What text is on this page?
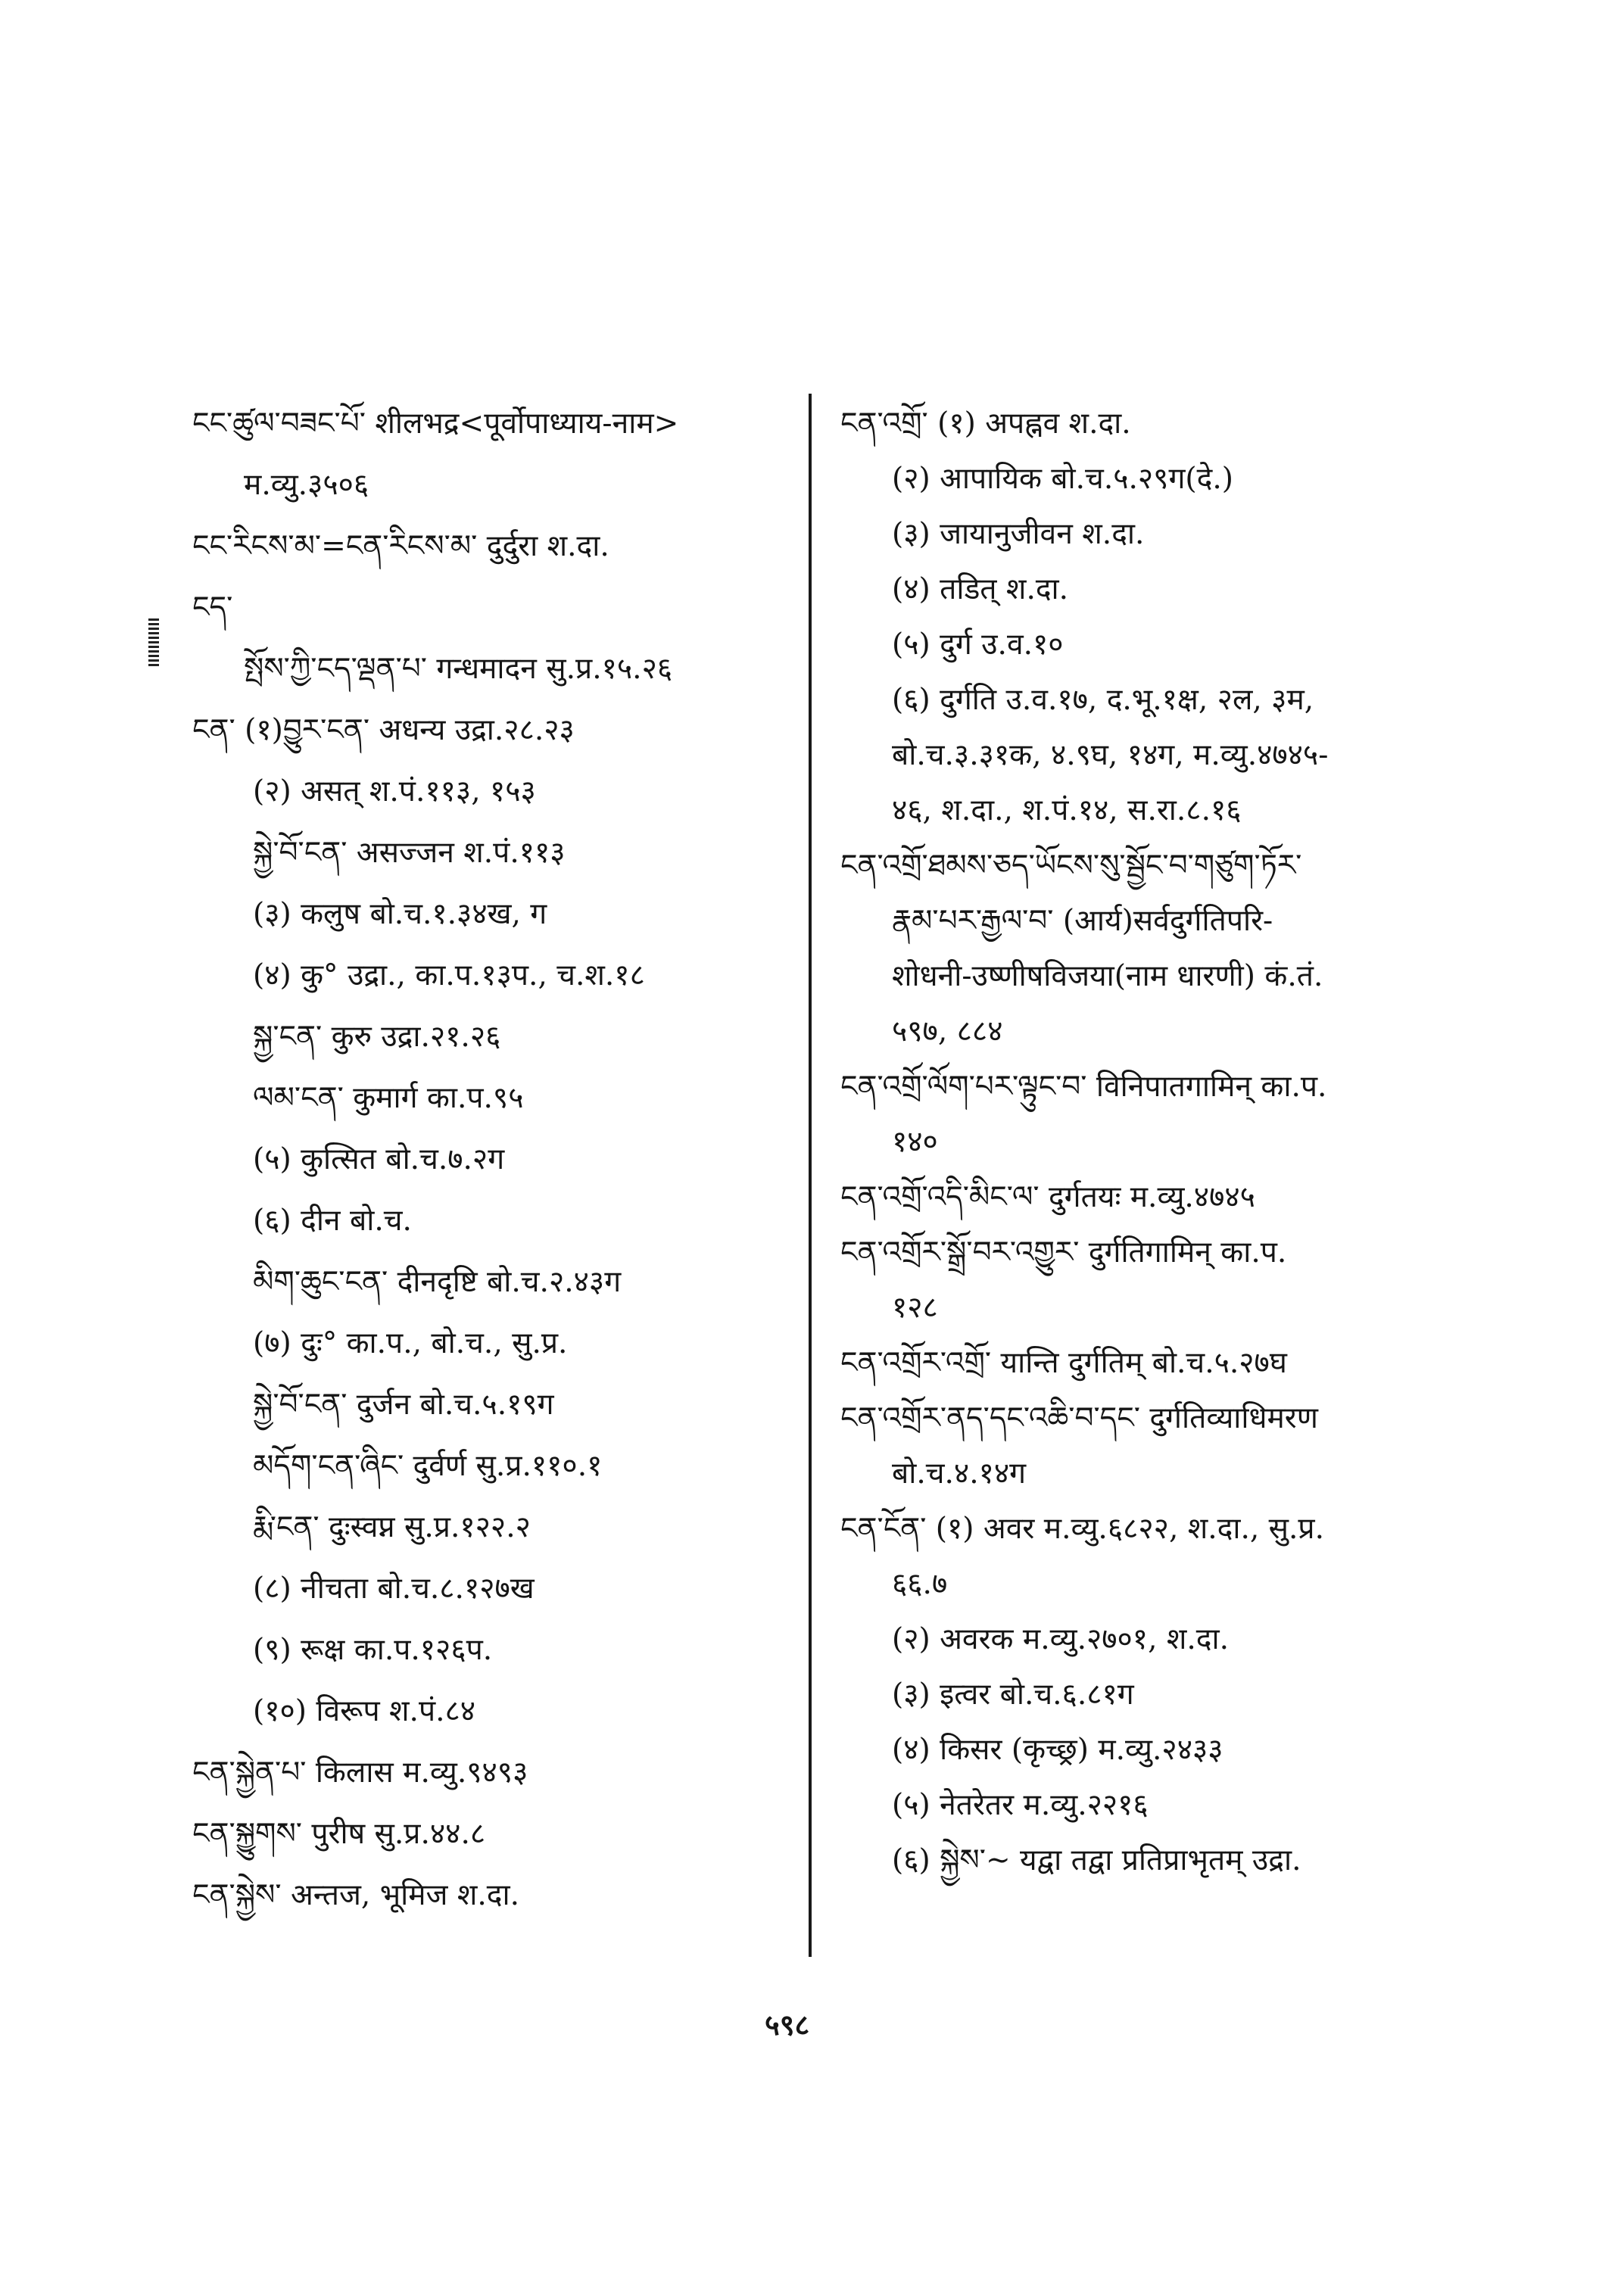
ངང་ཚུལ་བཟང་པོ་ शीलभद्र<पूर्वोपाध्याय-नाम>
म.व्यु.३५०६
ངང་རིངས་མ་=ངན་རིངས་མ་ दुर्दुरा श.दा.
ངད་
སྤོས་ཀྱི་ངད་ལྡན་པ་ गन्धमादन सु.प्र.१५.२६
ངན་ (१)བྱུར་ངན་ अधन्य उद्रा.२८.२३
(२) असत् श.पं.११३, १५३
སྐྱེ་བོ་ངན་ असज्जन श.पं.११३
(३) कलुष बो.च.१.३४ख, ग
(४) कु° उद्रा., का.प.१३प., च.श.१८
སྐྱ་ངན་ कुरु उद्रा.२१.२६
ལམ་ངན་ कुमार्ग का.प.९५
(५) कुत्सित बो.च.७.२ग
(६) दीन बो.च.
མིག་ཆུང་ངན་ दीनदृष्टि बो.च.२.४३ग
(७) दुः° का.प., बो.च., सु.प्र.
སྐྱེ་བོ་ངན་ दुर्जन बो.च.५.१९ग
མདོག་ངན་ཞིང་ दुर्वर्ण सु.प्र.११०.१
རྨི་ངན་ दुःस्वप्न सु.प्र.१२२.२
(८) नीचता बो.च.८.१२७ख
(९) रूक्ष का.प.१२६प.
(१०) विरूप श.पं.८४
ངན་སྐྱེན་པ་ किलास म.व्यु.९४९३
ངན་སྐྱུགས་ पुरीष सु.प्र.४४.८
ངན་སྐྱེས་ अन्तज, भूमिज श.दा.
ངན་འགྲོ་ (१) अपह्नव श.दा.
(२) आपायिक बो.च.५.२९ग(दे.)
(३) जायानुजीवन श.दा.
(४) तडित् श.दा.
(५) दुर्ग उ.व.१०
(६) दुर्गति उ.व.१७, द.भू.१क्ष, २ल, ३म,
बो.च.३.३१क, ४.९घ, १४ग, म.व्यु.४७४५-
४६, श.दा., श.पं.१४, स.रा.८.१६
ངན་འགྲོ་ཐམས་ཅད་ཡོངས་སུ་སྦྱོང་བ་གཙུག་ཏོར་
རྣམ་པར་རྒྱལ་བ་ (आर्य)सर्वदुर्गतिपरि-
शोधनी-उष्णीषविजया(नाम धारणी) कं.तं.
५९७, ८८४
ངན་འགྲོ་ལོག་པར་ལྟུང་བ་ विनिपातगामिन् का.प.
१४०
ངན་འགྲོ་འདི་མིང་ལ་ दुर्गतयः म.व्यु.४७४५
ངན་འགྲོར་སྒྲོ་བར་འགྱུར་ दुर्गतिगामिन् का.प.
१२८
ངན་འགྲོར་འགྲོ་ यान्ति दुर्गतिम् बो.च.५.२७घ
ངན་འགྲོར་ནད་དང་འཆི་བ་དང་ दुर्गतिव्याधिमरण
बो.च.४.१४ग
ངན་ངོན་ (१) अवर म.व्यु.६८२२, श.दा., सु.प्र.
६६.७
(२) अवरक म.व्यु.२७०१, श.दा.
(३) इत्वर बो.च.६.८१ग
(४) किसर (कृच्छ्र) म.व्यु.२४३३
(५) नेतरेतर म.व्यु.२२१६
(६) སྐྱེས་~ यद्वा तद्वा प्रतिप्राभृतम् उद्रा.
५९८
